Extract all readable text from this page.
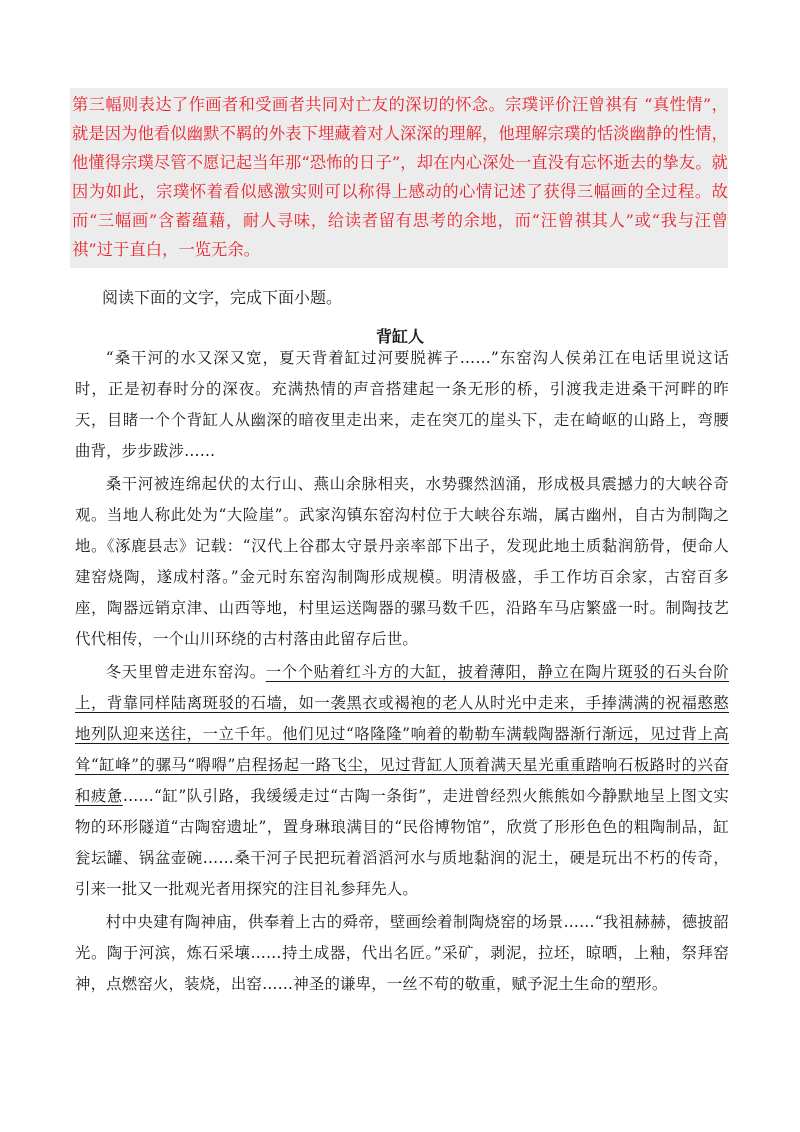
第三幅则表达了作画者和受画者共同对亡友的深切的怀念。宗璞评价汪曾祺有 “真性情”，就是因为他看似幽默不羁的外表下埋藏着对人深深的理解，他理解宗璞的恬淡幽静的性情，他懂得宗璞尽管不愿记起当年那“恐怖的日子”，却在内心深处一直没有忘怀逝去的挚友。就因为如此，宗璞怀着看似感激实则可以称得上感动的心情记述了获得三幅画的全过程。故而“三幅画”含蓄蕴藉，耐人寻味，给读者留有思考的余地，而“汪曾祺其人”或“我与汪曾祺”过于直白，一览无余。

阅读下面的文字，完成下面小题。
背缸人

“桑干河的水又深又宽，夏天背着缸过河要脱裤子……”东窑沟人侯弟江在电话里说这话时，正是初春时分的深夜。充满热情的声音搭建起一条无形的桥，引渡我走进桑干河畔的昨天，目睹一个个背缸人从幽深的暗夜里走出来，走在突兀的崖头下，走在崎岖的山路上，弯腰曲背，步步跋涉……

桑干河被连绵起伏的太行山、燕山余脉相夹，水势骤然汹涌，形成极具震撼力的大峡谷奇观。当地人称此处为“大险崖”。武家沟镇东窑沟村位于大峡谷东端，属古幽州，自古为制陶之地。《涿鹿县志》记载：“汉代上谷郡太守景丹亲率部下出子，发现此地土质黏润筋骨，便命人建窑烧陶，遂成村落。”金元时东窑沟制陶形成规模。明清极盛，手工作坊百余家，古窑百多座，陶器远销京津、山西等地，村里运送陶器的骡马数千匹，沿路车马店繁盛一时。制陶技艺代代相传，一个山川环绕的古村落由此留存后世。

冬天里曾走进东窑沟。一个个贴着红斗方的大缸，披着薄阳，静立在陶片斑驳的石头台阶上，背靠同样陆离斑驳的石墙，如一袭黑衣或褐袍的老人从时光中走来，手捧满满的祝福憨憨地列队迎来送往，一立千年。他们见过“咯隆隆”响着的勒勒车满载陶器渐行渐远，见过背上高耸“缸峰”的骡马“嘚嘚”启程扬起一路飞尘，见过背缸人顶着满天星光重重踏响石板路时的兴奋和疲惫……“缸”队引路，我缓缓走过“古陶一条街”，走进曾经烈火熊熊如今静默地呈上图文实物的环形隧道“古陶窑遗址”，置身琳琅满目的“民俗博物馆”，欣赏了形形色色的粗陶制品，缸瓮坛罐、锅盆壶碗……桑干河子民把玩着滔滔河水与质地黏润的泥土，硬是玩出不朽的传奇，引来一批又一批观光者用探究的注目礼参拜先人。

村中央建有陶神庙，供奉着上古的舜帝，壁画绘着制陶烧窑的场景……“我祖赫赫，德披韶光。陶于河滨，炼石采壤……持土成器，代出名匠。”采矿，剥泥，拉坯，晾晒，上釉，祭拜窑神，点燃窑火，装烧，出窑……神圣的谦卑，一丝不苟的敬重，赋予泥土生命的塑形。
